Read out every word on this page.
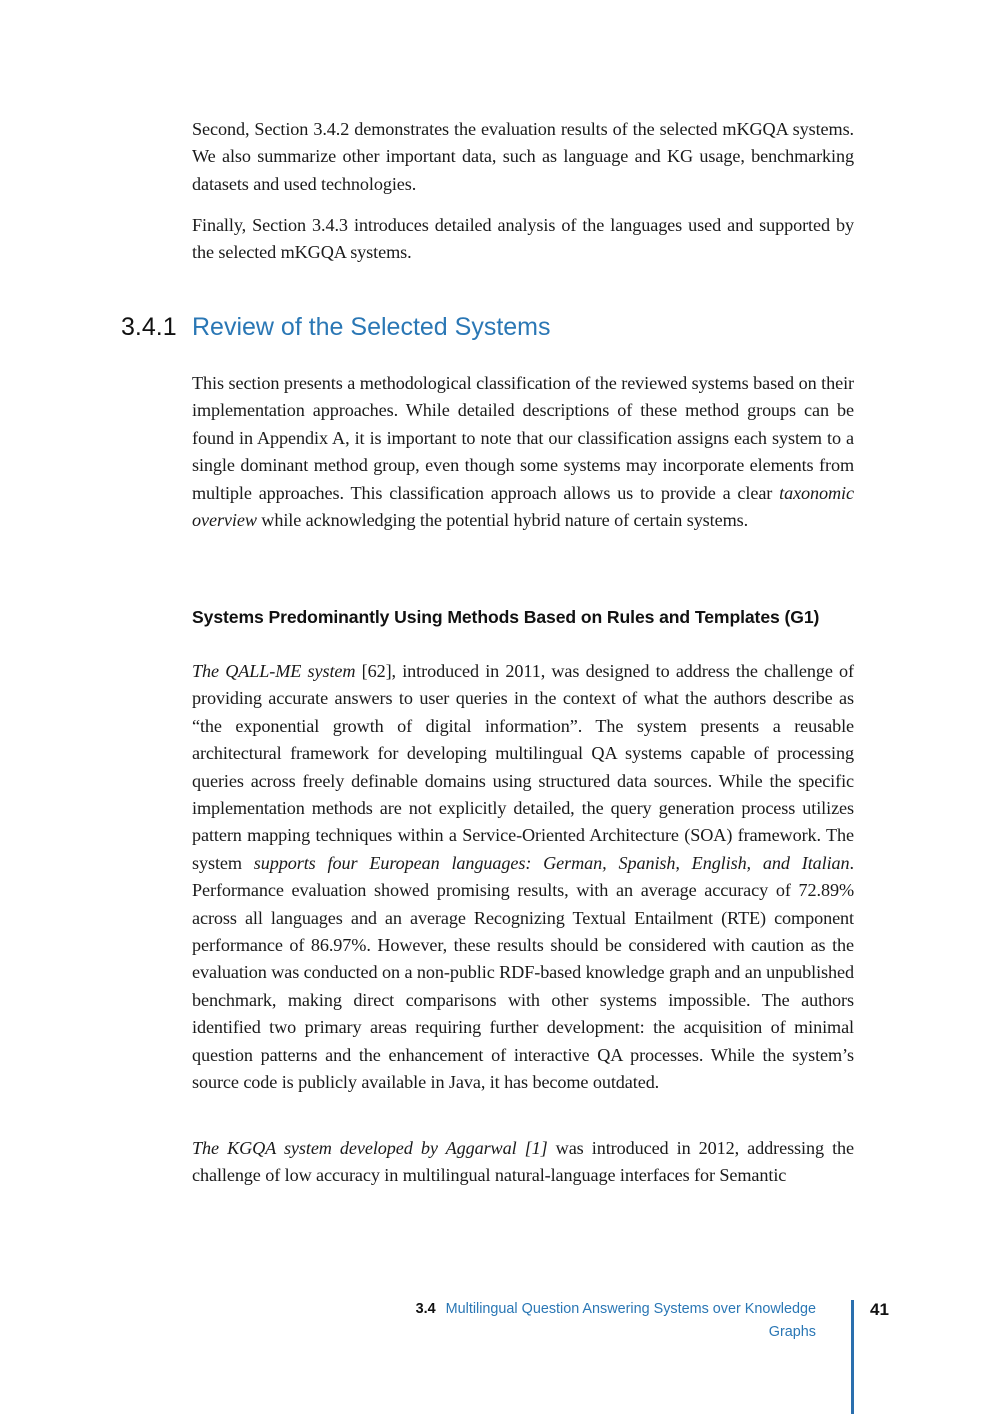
Second, Section 3.4.2 demonstrates the evaluation results of the selected mKGQA systems. We also summarize other important data, such as language and KG usage, benchmarking datasets and used technologies.

Finally, Section 3.4.3 introduces detailed analysis of the languages used and supported by the selected mKGQA systems.

3.4.1 Review of the Selected Systems

This section presents a methodological classification of the reviewed systems based on their implementation approaches. While detailed descriptions of these method groups can be found in Appendix A, it is important to note that our classification assigns each system to a single dominant method group, even though some systems may incorporate elements from multiple approaches. This classification approach allows us to provide a clear taxonomic overview while acknowledging the potential hybrid nature of certain systems.

Systems Predominantly Using Methods Based on Rules and Templates (G1)

The QALL-ME system [62], introduced in 2011, was designed to address the challenge of providing accurate answers to user queries in the context of what the authors describe as “the exponential growth of digital information”. The system presents a reusable architectural framework for developing multilingual QA systems capable of processing queries across freely definable domains using structured data sources. While the specific implementation methods are not explicitly detailed, the query generation process utilizes pattern mapping techniques within a Service-Oriented Architecture (SOA) framework. The system supports four European languages: German, Spanish, English, and Italian. Performance evaluation showed promising results, with an average accuracy of 72.89% across all languages and an average Recognizing Textual Entailment (RTE) component performance of 86.97%. However, these results should be considered with caution as the evaluation was conducted on a non-public RDF-based knowledge graph and an unpublished benchmark, making direct comparisons with other systems impossible. The authors identified two primary areas requiring further development: the acquisition of minimal question patterns and the enhancement of interactive QA processes. While the system’s source code is publicly available in Java, it has become outdated.

The KGQA system developed by Aggarwal [1] was introduced in 2012, addressing the challenge of low accuracy in multilingual natural-language interfaces for Semantic

3.4 Multilingual Question Answering Systems over Knowledge Graphs
41
